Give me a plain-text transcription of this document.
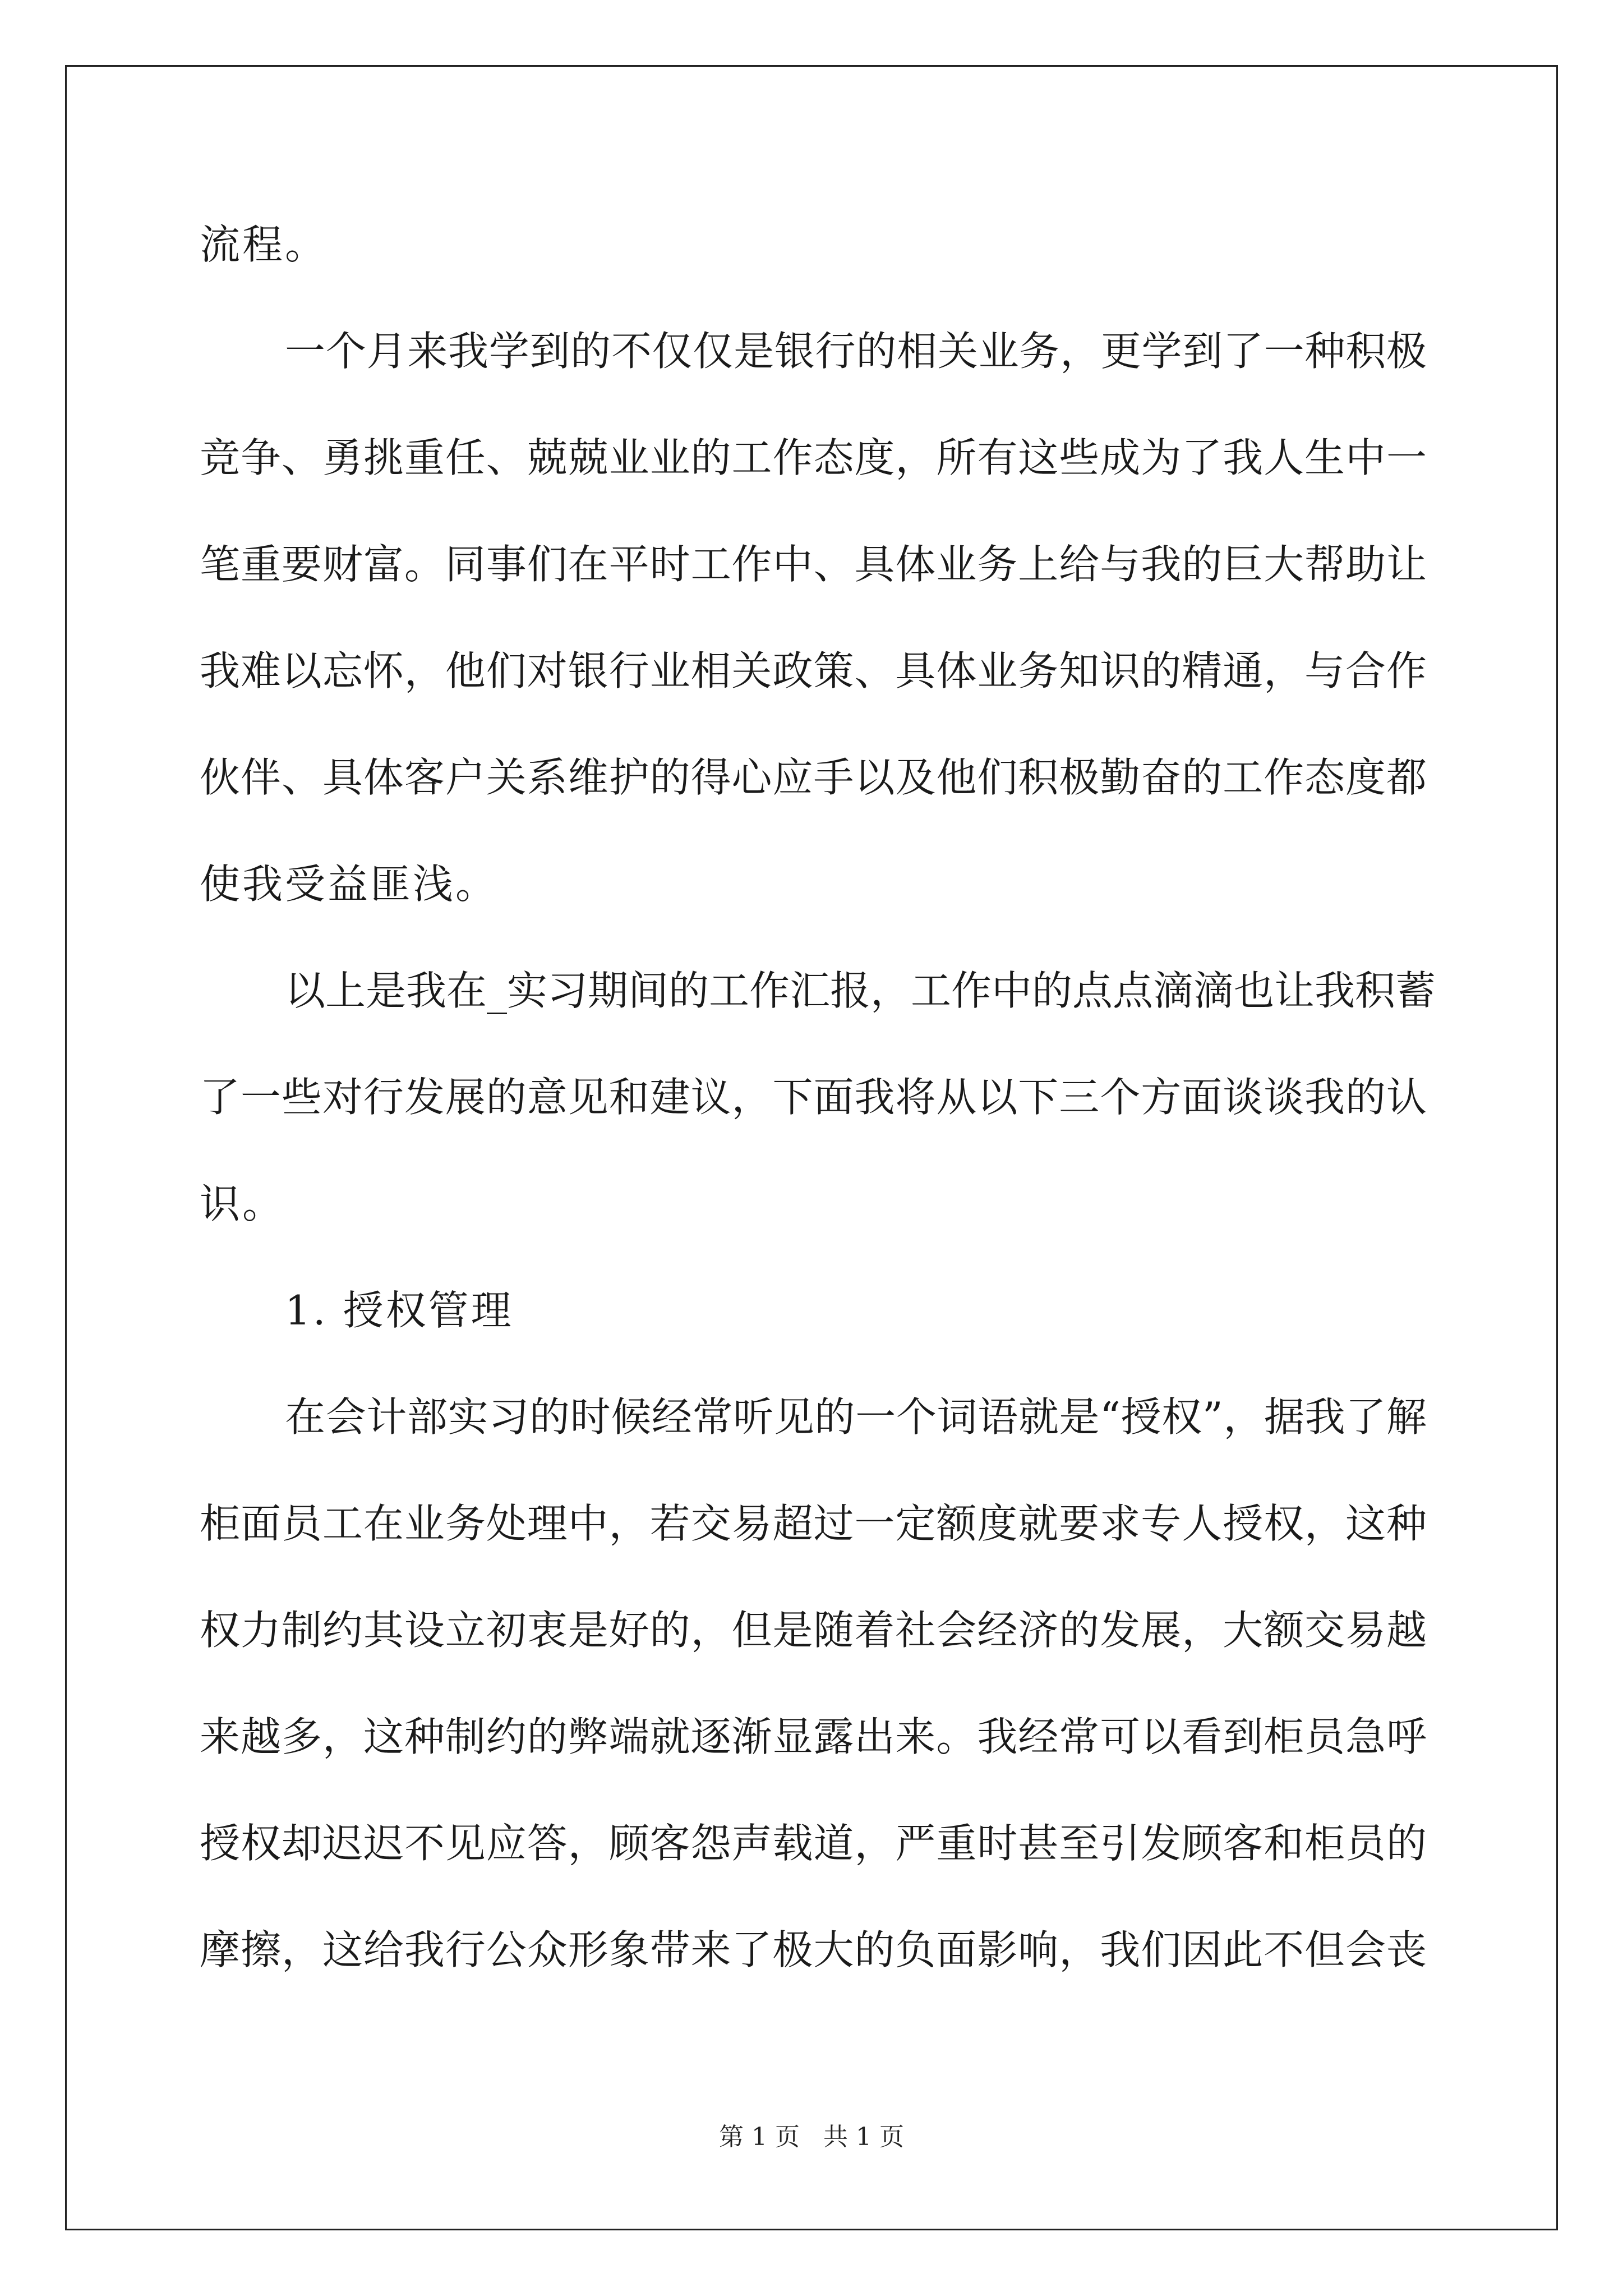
流程。
一个月来我学到的不仅仅是银行的相关业务，更学到了一种积极
竞争、勇挑重任、兢兢业业的工作态度，所有这些成为了我人生中一
笔重要财富。同事们在平时工作中、具体业务上给与我的巨大帮助让
我难以忘怀，他们对银行业相关政策、具体业务知识的精通，与合作
伙伴、具体客户关系维护的得心应手以及他们积极勤奋的工作态度都
使我受益匪浅。
以上是我在_实习期间的工作汇报，工作中的点点滴滴也让我积蓄
了一些对行发展的意见和建议，下面我将从以下三个方面谈谈我的认
识。
1. 授权管理
在会计部实习的时候经常听见的一个词语就是“授权”，据我了解
柜面员工在业务处理中，若交易超过一定额度就要求专人授权，这种
权力制约其设立初衷是好的，但是随着社会经济的发展，大额交易越
来越多，这种制约的弊端就逐渐显露出来。我经常可以看到柜员急呼
授权却迟迟不见应答，顾客怨声载道，严重时甚至引发顾客和柜员的
摩擦，这给我行公众形象带来了极大的负面影响，我们因此不但会丧
第 1 页 共 1 页
